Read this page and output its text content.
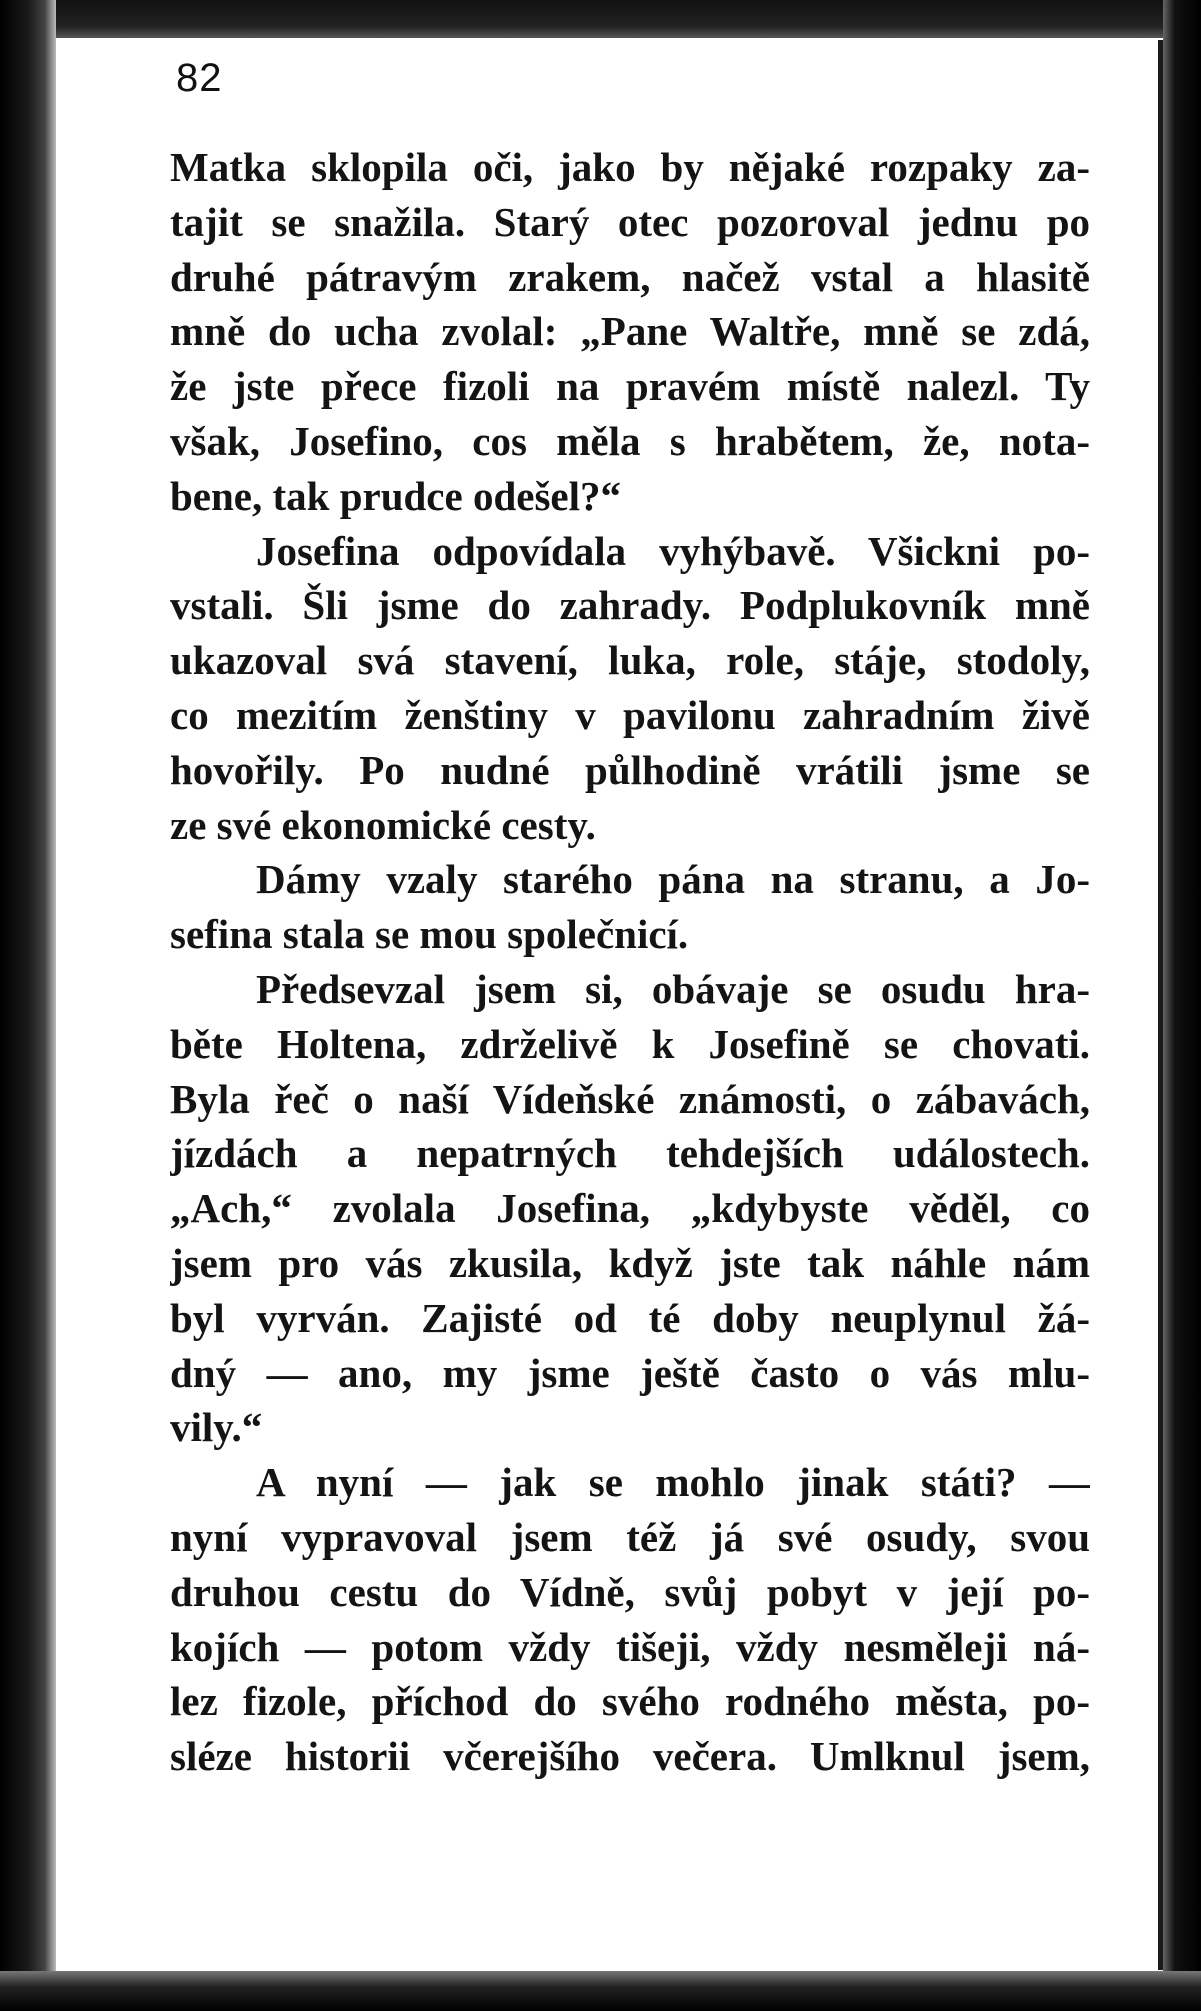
82
Matka sklopila oči, jako by nějaké rozpaky za-
tajit se snažila. Starý otec pozoroval jednu po
druhé pátravým zrakem, načež vstal a hlasitě
mně do ucha zvolal: „Pane Waltře, mně se zdá,
že jste přece fizoli na pravém místě nalezl. Ty
však, Josefino, cos měla s hrabětem, že, nota-
bene, tak prudce odešel?“
Josefina odpovídala vyhýbavě. Všickni po-
vstali. Šli jsme do zahrady. Podplukovník mně
ukazoval svá stavení, luka, role, stáje, stodoly,
co mezitím ženštiny v pavilonu zahradním živě
hovořily. Po nudné půlhodině vrátili jsme se
ze své ekonomické cesty.
Dámy vzaly starého pána na stranu, a Jo-
sefina stala se mou společnicí.
Předsevzal jsem si, obávaje se osudu hra-
běte Holtena, zdrželivě k Josefině se chovati.
Byla řeč o naší Vídeňské známosti, o zábavách,
jízdách a nepatrných tehdejších událostech.
„Ach,“ zvolala Josefina, „kdybyste věděl, co
jsem pro vás zkusila, když jste tak náhle nám
byl vyrván. Zajisté od té doby neuplynul žá-
dný — ano, my jsme ještě často o vás mlu-
vily.“
A nyní — jak se mohlo jinak státi? —
nyní vypravoval jsem též já své osudy, svou
druhou cestu do Vídně, svůj pobyt v její po-
kojích — potom vždy tišeji, vždy nesměleji ná-
lez fizole, příchod do svého rodného města, po-
sléze historii včerejšího večera. Umlknul jsem,
